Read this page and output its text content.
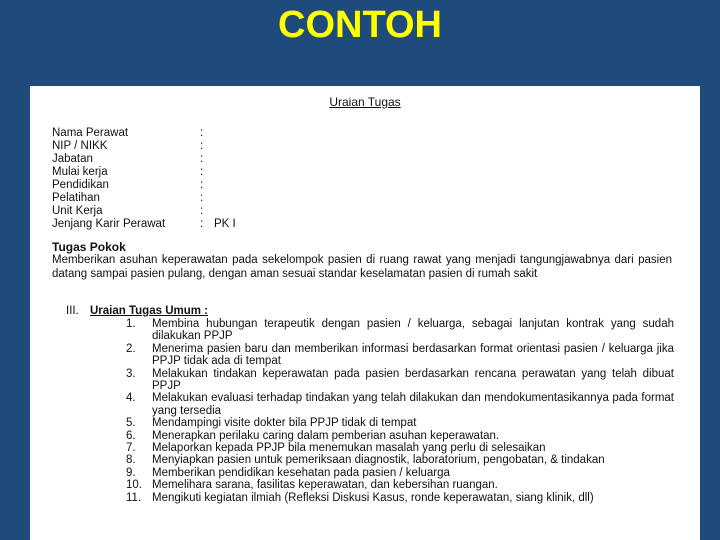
CONTOH
Uraian Tugas
Nama Perawat	:
NIP / NIKK	:
Jabatan	:
Mulai kerja	:
Pendidikan	:
Pelatihan	:
Unit Kerja	:
Jenjang Karir Perawat	: PK I
Tugas Pokok
Memberikan asuhan keperawatan pada sekelompok pasien di ruang rawat yang menjadi tangungjawabnya dari pasien datang sampai pasien pulang, dengan aman sesuai standar keselamatan pasien di rumah sakit
III. Uraian Tugas Umum :
1.	Membina hubungan terapeutik dengan pasien / keluarga, sebagai lanjutan kontrak yang sudah dilakukan PPJP
2.	Menerima pasien baru dan memberikan informasi berdasarkan format orientasi pasien / keluarga jika PPJP tidak ada di tempat
3.	Melakukan tindakan keperawatan pada pasien berdasarkan rencana perawatan yang telah dibuat PPJP
4.	Melakukan evaluasi terhadap tindakan yang telah dilakukan dan mendokumentasikannya pada format yang tersedia
5.	Mendampingi visite dokter bila PPJP tidak di tempat
6.	Menerapkan perilaku caring dalam pemberian asuhan keperawatan.
7.	Melaporkan kepada PPJP bila menemukan masalah yang perlu di selesaikan
8.	Menyiapkan pasien untuk pemeriksaan diagnostik, laboratorium, pengobatan, & tindakan
9.	Memberikan pendidikan kesehatan pada pasien / keluarga
10. Memelihara sarana, fasilitas keperawatan, dan kebersihan ruangan.
11. Mengikuti kegiatan ilmiah (Refleksi Diskusi Kasus, ronde keperawatan, siang klinik, dll)
